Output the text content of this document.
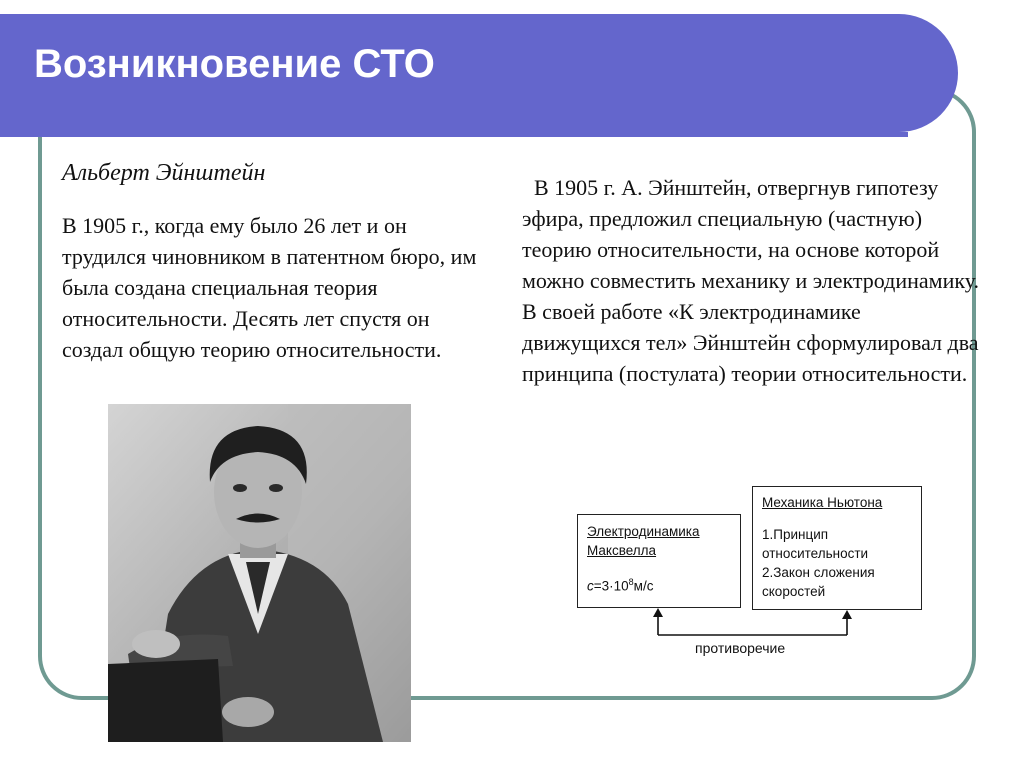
Возникновение СТО

Альберт Эйнштейн

В 1905 г., когда ему было 26 лет и он трудился чиновником в патентном бюро, им была создана специальная теория относительности. Десять лет спустя он создал общую теорию относительности.

В 1905 г. А. Эйнштейн, отвергнув гипотезу эфира, предложил специальную (частную) теорию относительности, на основе которой можно совместить механику и электродинамику. В своей работе «К электродинамике движущихся тел» Эйнштейн сформулировал два принципа (постулата) теории относительности.

Электродинамика
Максвелла
$c=3\cdot 10^8м/с$
Механика Ньютона
1.Принцип
относительности
2.Закон сложения
скоростей
противоречие
